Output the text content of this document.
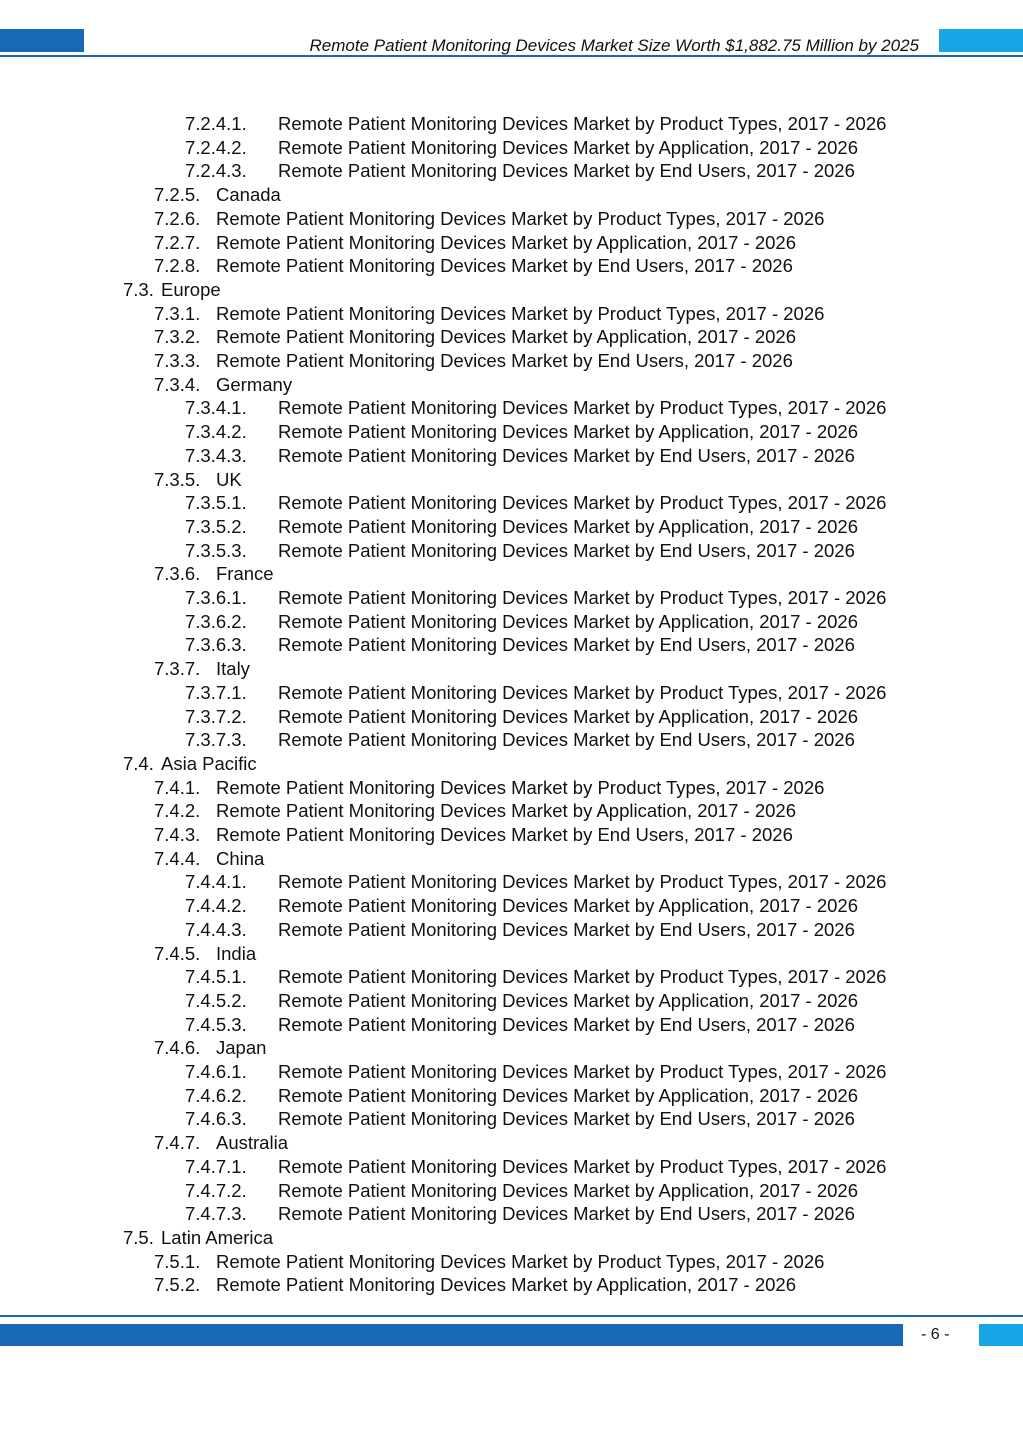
Remote Patient Monitoring Devices Market Size Worth $1,882.75 Million by 2025
7.2.4.1. Remote Patient Monitoring Devices Market by Product Types, 2017 - 2026
7.2.4.2. Remote Patient Monitoring Devices Market by Application, 2017 - 2026
7.2.4.3. Remote Patient Monitoring Devices Market by End Users, 2017 - 2026
7.2.5. Canada
7.2.6. Remote Patient Monitoring Devices Market by Product Types, 2017 - 2026
7.2.7. Remote Patient Monitoring Devices Market by Application, 2017 - 2026
7.2.8. Remote Patient Monitoring Devices Market by End Users, 2017 - 2026
7.3. Europe
7.3.1. Remote Patient Monitoring Devices Market by Product Types, 2017 - 2026
7.3.2. Remote Patient Monitoring Devices Market by Application, 2017 - 2026
7.3.3. Remote Patient Monitoring Devices Market by End Users, 2017 - 2026
7.3.4. Germany
7.3.4.1. Remote Patient Monitoring Devices Market by Product Types, 2017 - 2026
7.3.4.2. Remote Patient Monitoring Devices Market by Application, 2017 - 2026
7.3.4.3. Remote Patient Monitoring Devices Market by End Users, 2017 - 2026
7.3.5. UK
7.3.5.1. Remote Patient Monitoring Devices Market by Product Types, 2017 - 2026
7.3.5.2. Remote Patient Monitoring Devices Market by Application, 2017 - 2026
7.3.5.3. Remote Patient Monitoring Devices Market by End Users, 2017 - 2026
7.3.6. France
7.3.6.1. Remote Patient Monitoring Devices Market by Product Types, 2017 - 2026
7.3.6.2. Remote Patient Monitoring Devices Market by Application, 2017 - 2026
7.3.6.3. Remote Patient Monitoring Devices Market by End Users, 2017 - 2026
7.3.7. Italy
7.3.7.1. Remote Patient Monitoring Devices Market by Product Types, 2017 - 2026
7.3.7.2. Remote Patient Monitoring Devices Market by Application, 2017 - 2026
7.3.7.3. Remote Patient Monitoring Devices Market by End Users, 2017 - 2026
7.4. Asia Pacific
7.4.1. Remote Patient Monitoring Devices Market by Product Types, 2017 - 2026
7.4.2. Remote Patient Monitoring Devices Market by Application, 2017 - 2026
7.4.3. Remote Patient Monitoring Devices Market by End Users, 2017 - 2026
7.4.4. China
7.4.4.1. Remote Patient Monitoring Devices Market by Product Types, 2017 - 2026
7.4.4.2. Remote Patient Monitoring Devices Market by Application, 2017 - 2026
7.4.4.3. Remote Patient Monitoring Devices Market by End Users, 2017 - 2026
7.4.5. India
7.4.5.1. Remote Patient Monitoring Devices Market by Product Types, 2017 - 2026
7.4.5.2. Remote Patient Monitoring Devices Market by Application, 2017 - 2026
7.4.5.3. Remote Patient Monitoring Devices Market by End Users, 2017 - 2026
7.4.6. Japan
7.4.6.1. Remote Patient Monitoring Devices Market by Product Types, 2017 - 2026
7.4.6.2. Remote Patient Monitoring Devices Market by Application, 2017 - 2026
7.4.6.3. Remote Patient Monitoring Devices Market by End Users, 2017 - 2026
7.4.7. Australia
7.4.7.1. Remote Patient Monitoring Devices Market by Product Types, 2017 - 2026
7.4.7.2. Remote Patient Monitoring Devices Market by Application, 2017 - 2026
7.4.7.3. Remote Patient Monitoring Devices Market by End Users, 2017 - 2026
7.5. Latin America
7.5.1. Remote Patient Monitoring Devices Market by Product Types, 2017 - 2026
7.5.2. Remote Patient Monitoring Devices Market by Application, 2017 - 2026
- 6 -
